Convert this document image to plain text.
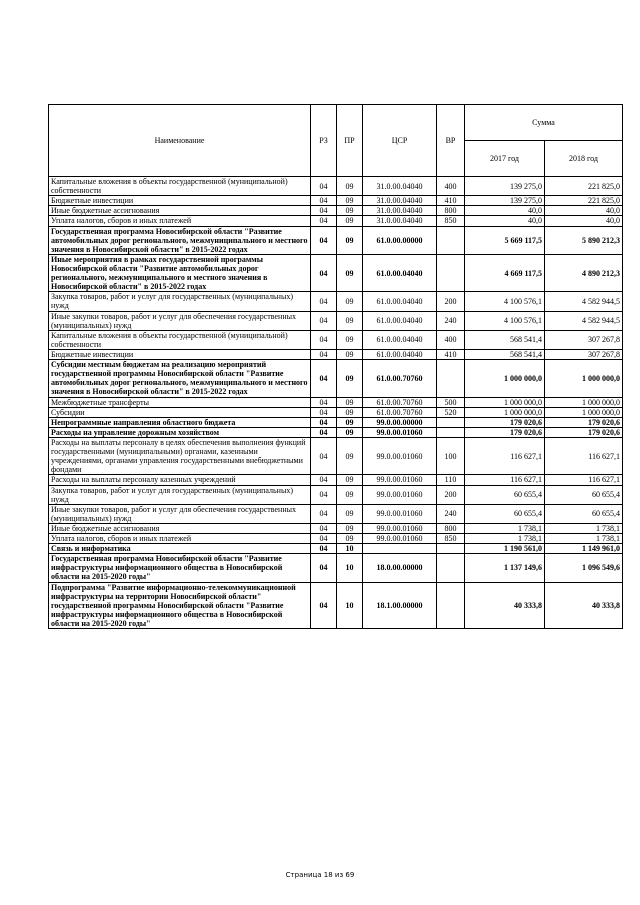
Наименование	РЗ	ПР	ЦСР	ВР	Сумма	
					2017 год	2018 год
Капитальные вложения в объекты государственной (муниципальной) собственности	04	09	31.0.00.04040	400	139 275,0	221 825,0
Бюджетные инвестиции	04	09	31.0.00.04040	410	139 275,0	221 825,0
Иные бюджетные ассигнования	04	09	31.0.00.04040	800	40,0	40,0
Уплата налогов, сборов и иных платежей	04	09	31.0.00.04040	850	40,0	40,0
Государственная программа Новосибирской области "Развитие автомобильных дорог регионального, межмуниципального и местного значения в Новосибирской области" в 2015-2022 годах	04	09	61.0.00.00000		5 669 117,5	5 890 212,3
Иные мероприятия в рамках государственной программы Новосибирской области "Развитие автомобильных дорог регионального, межмуниципального и местного значения в Новосибирской области" в 2015-2022 годах	04	09	61.0.00.04040		4 669 117,5	4 890 212,3
Закупка товаров, работ и услуг для государственных (муниципальных) нужд	04	09	61.0.00.04040	200	4 100 576,1	4 582 944,5
Иные закупки товаров, работ и услуг для обеспечения государственных (муниципальных) нужд	04	09	61.0.00.04040	240	4 100 576,1	4 582 944,5
Капитальные вложения в объекты государственной (муниципальной) собственности	04	09	61.0.00.04040	400	568 541,4	307 267,8
Бюджетные инвестиции	04	09	61.0.00.04040	410	568 541,4	307 267,8
Субсидии местным бюджетам на реализацию мероприятий государственной программы Новосибирской области "Развитие автомобильных дорог регионального, межмуниципального и местного значения в Новосибирской области" в 2015-2022 годах	04	09	61.0.00.70760		1 000 000,0	1 000 000,0
Межбюджетные трансферты	04	09	61.0.00.70760	500	1 000 000,0	1 000 000,0
Субсидии	04	09	61.0.00.70760	520	1 000 000,0	1 000 000,0
Непрограммные направления областного бюджета	04	09	99.0.00.00000		179 020,6	179 020,6
Расходы на управление дорожным хозяйством	04	09	99.0.00.01060		179 020,6	179 020,6
Расходы на выплаты персоналу в целях обеспечения выполнения функций государственными (муниципальными) органами, казенными учреждениями, органами управления государственными внебюджетными фондами	04	09	99.0.00.01060	100	116 627,1	116 627,1
Расходы на выплаты персоналу казенных учреждений	04	09	99.0.00.01060	110	116 627,1	116 627,1
Закупка товаров, работ и услуг для государственных (муниципальных) нужд	04	09	99.0.00.01060	200	60 655,4	60 655,4
Иные закупки товаров, работ и услуг для обеспечения государственных (муниципальных) нужд	04	09	99.0.00.01060	240	60 655,4	60 655,4
Иные бюджетные ассигнования	04	09	99.0.00.01060	800	1 738,1	1 738,1
Уплата налогов, сборов и иных платежей	04	09	99.0.00.01060	850	1 738,1	1 738,1
Связь и информатика	04	10			1 190 561,0	1 149 961,0
Государственная программа Новосибирской области "Развитие инфраструктуры информационного общества в Новосибирской области на 2015-2020 годы"	04	10	18.0.00.00000		1 137 149,6	1 096 549,6
Подпрограмма "Развитие информационно-телекоммуникационной инфраструктуры на территории Новосибирской области" государственной программы Новосибирской области "Развитие инфраструктуры информационного общества в Новосибирской области на 2015-2020 годы"	04	10	18.1.00.00000		40 333,8	40 333,8
Страница 18 из 69
